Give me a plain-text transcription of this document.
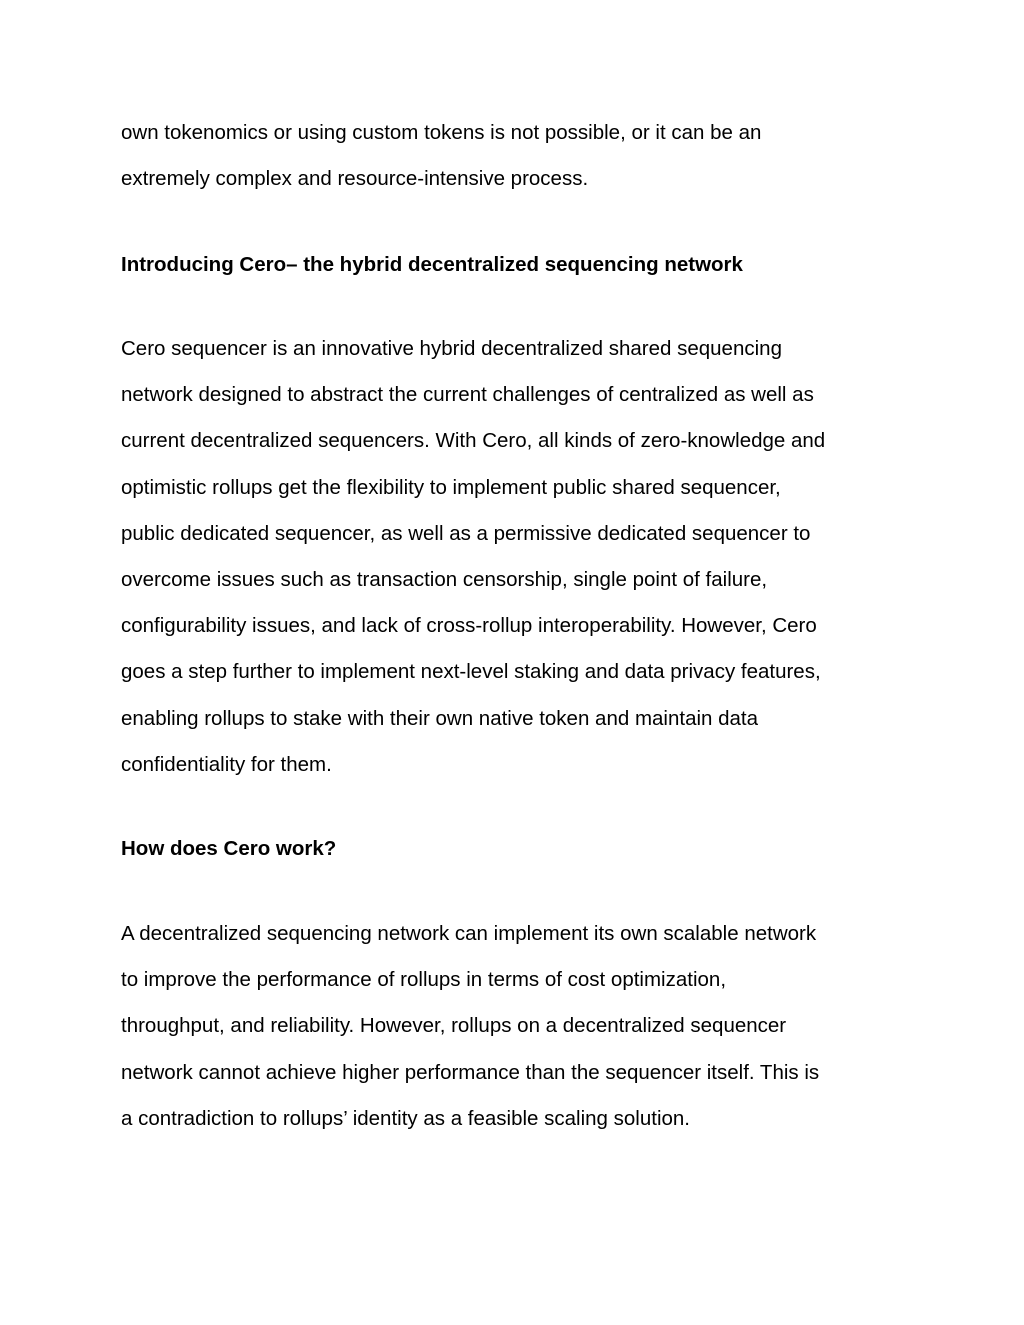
own tokenomics or using custom tokens is not possible, or it can be an
extremely complex and resource-intensive process.

Introducing Cero– the hybrid decentralized sequencing network

Cero sequencer is an innovative hybrid decentralized shared sequencing
network designed to abstract the current challenges of centralized as well as
current decentralized sequencers. With Cero, all kinds of zero-knowledge and
optimistic rollups get the flexibility to implement public shared sequencer,
public dedicated sequencer, as well as a permissive dedicated sequencer to
overcome issues such as transaction censorship, single point of failure,
configurability issues, and lack of cross-rollup interoperability. However, Cero
goes a step further to implement next-level staking and data privacy features,
enabling rollups to stake with their own native token and maintain data
confidentiality for them.

How does Cero work?

A decentralized sequencing network can implement its own scalable network
to improve the performance of rollups in terms of cost optimization,
throughput, and reliability. However, rollups on a decentralized sequencer
network cannot achieve higher performance than the sequencer itself. This is
a contradiction to rollups’ identity as a feasible scaling solution.
